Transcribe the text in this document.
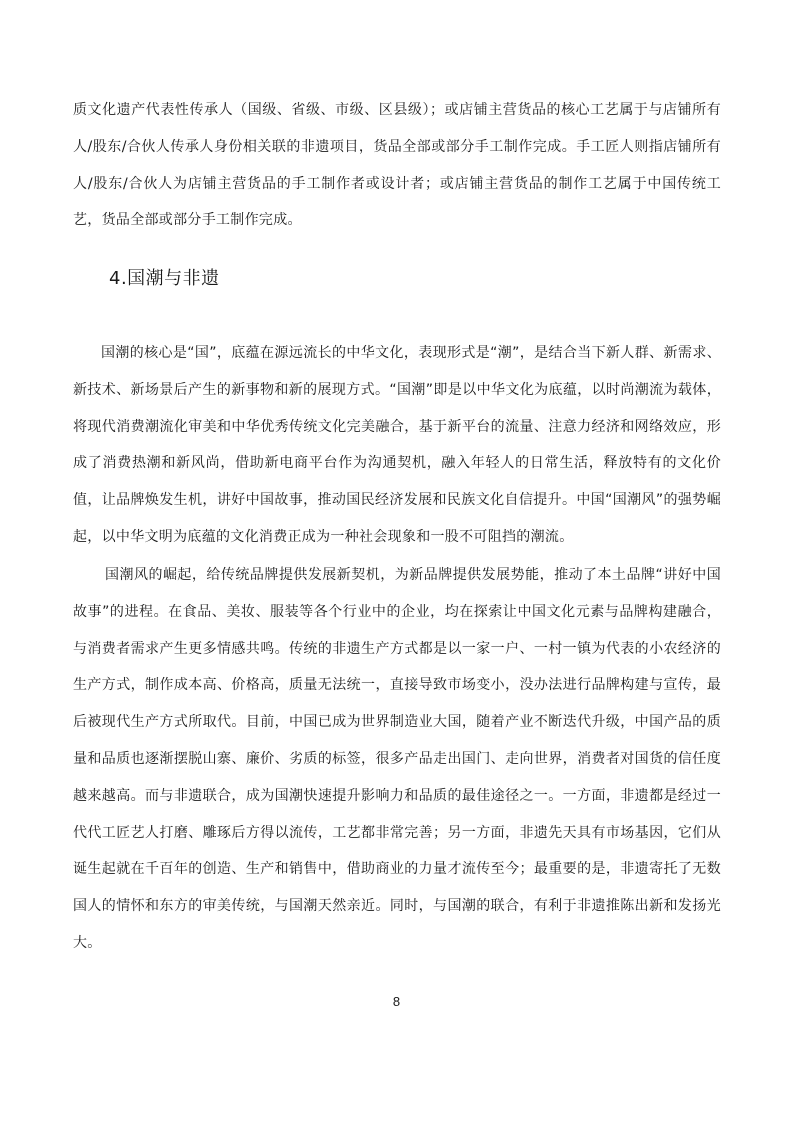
质文化遗产代表性传承人（国级、省级、市级、区县级）；或店铺主营货品的核心工艺属于与店铺所有人/股东/合伙人传承人身份相关联的非遗项目，货品全部或部分手工制作完成。手工匠人则指店铺所有人/股东/合伙人为店铺主营货品的手工制作者或设计者；或店铺主营货品的制作工艺属于中国传统工艺，货品全部或部分手工制作完成。

4.国潮与非遗

国潮的核心是“国”，底蕴在源远流长的中华文化，表现形式是“潮”，是结合当下新人群、新需求、新技术、新场景后产生的新事物和新的展现方式。“国潮”即是以中华文化为底蕴，以时尚潮流为载体，将现代消费潮流化审美和中华优秀传统文化完美融合，基于新平台的流量、注意力经济和网络效应，形成了消费热潮和新风尚，借助新电商平台作为沟通契机，融入年轻人的日常生活，释放特有的文化价值，让品牌焕发生机，讲好中国故事，推动国民经济发展和民族文化自信提升。中国“国潮风”的强势崛起，以中华文明为底蕴的文化消费正成为一种社会现象和一股不可阻挡的潮流。

国潮风的崛起，给传统品牌提供发展新契机，为新品牌提供发展势能，推动了本土品牌“讲好中国故事”的进程。在食品、美妆、服装等各个行业中的企业，均在探索让中国文化元素与品牌构建融合，与消费者需求产生更多情感共鸣。传统的非遗生产方式都是以一家一户、一村一镇为代表的小农经济的生产方式，制作成本高、价格高，质量无法统一，直接导致市场变小，没办法进行品牌构建与宣传，最后被现代生产方式所取代。目前，中国已成为世界制造业大国，随着产业不断迭代升级，中国产品的质量和品质也逐渐摆脱山寨、廉价、劣质的标签，很多产品走出国门、走向世界，消费者对国货的信任度越来越高。而与非遗联合，成为国潮快速提升影响力和品质的最佳途径之一。一方面，非遗都是经过一代代工匠艺人打磨、雕琢后方得以流传，工艺都非常完善；另一方面，非遗先天具有市场基因，它们从诞生起就在千百年的创造、生产和销售中，借助商业的力量才流传至今；最重要的是，非遗寄托了无数国人的情怀和东方的审美传统，与国潮天然亲近。同时，与国潮的联合，有利于非遗推陈出新和发扬光大。

8
